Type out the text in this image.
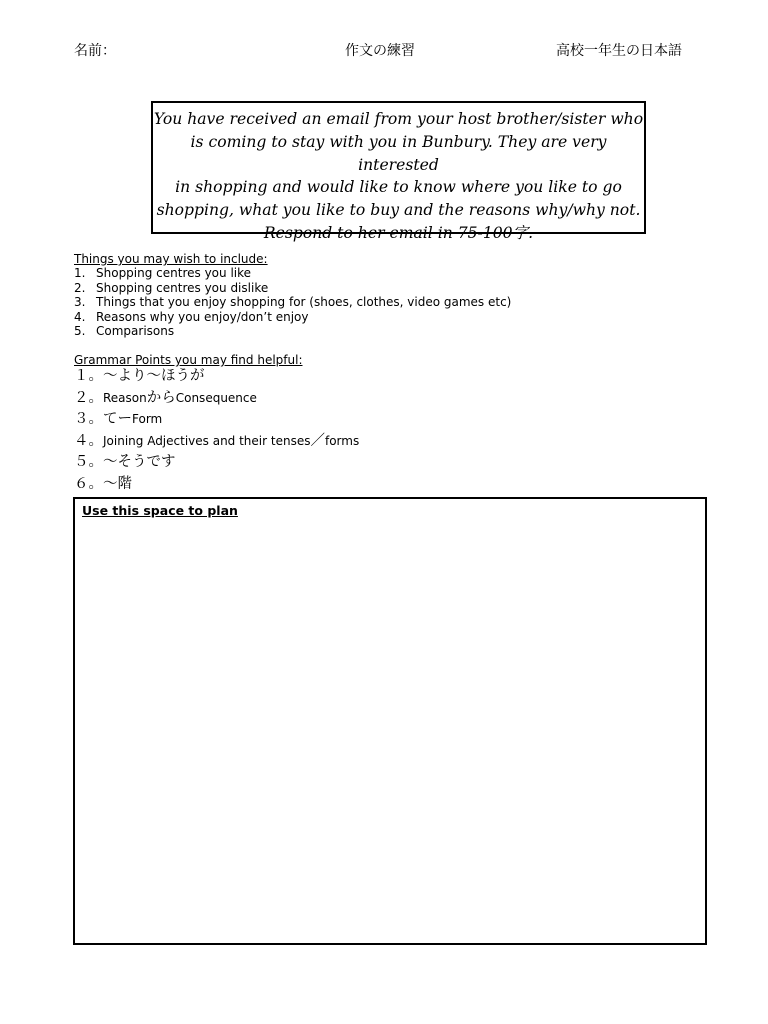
名前：	作文の練習	高校一年生の日本語
You have received an email from your host brother/sister who
is coming to stay with you in Bunbury. They are very interested
in shopping and would like to know where you like to go
shopping, what you like to buy and the reasons why/why not.
Respond to her email in 75-100字.

Things you may wish to include:

1. Shopping centres you like
2. Shopping centres you dislike
3. Things that you enjoy shopping for (shoes, clothes, video games etc)
4. Reasons why you enjoy/don’t enjoy
5. Comparisons

Grammar Points you may find helpful:

１。～より～ほうが
２。ReasonからConsequence
３。てーForm
４。Joining Adjectives and their tenses／forms
５。～そうです
６。～階
Use this space to plan
